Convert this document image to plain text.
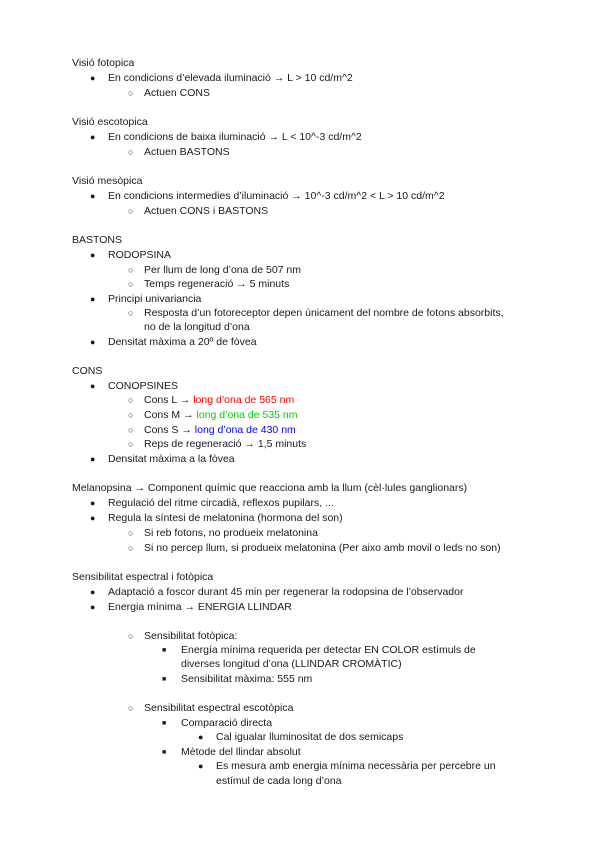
Visió fotopica
● En condicions d’elevada iluminació → L > 10 cd/m^2
○ Actuen CONS
Visió escotopica
● En condicions de baixa iluminació → L < 10^-3 cd/m^2
○ Actuen BASTONS
Visió mesòpica
● En condicions intermedies d’iluminació → 10^-3 cd/m^2 < L > 10 cd/m^2
○ Actuen CONS i BASTONS
BASTONS
● RODOPSINA
○ Per llum de long d’ona de 507 nm
○ Temps regeneració → 5 minuts
● Principi univariancia
○ Resposta d’un fotoreceptor depen únicament del nombre de fotons absorbits,
no de la longitud d’ona
● Densitat màxima a 20º de fòvea
CONS
● CONOPSINES
○ Cons L → long d’ona de 565 nm
○ Cons M → long d’ona de 535 nm
○ Cons S → long d’ona de 430 nm
○ Reps de regeneració → 1,5 minuts
● Densitat màxima a la fòvea
Melanopsina → Component químic que reacciona amb la llum (cèl·lules ganglionars)
● Regulació del ritme circadià, reflexos pupilars, ...
● Regula la síntesi de melatonina (hormona del son)
○ Si reb fotons, no produeix melatonina
○ Si no percep llum, si produeix melatonina (Per aixo amb movil o leds no son)
Sensibilitat espectral i fotòpica
● Adaptació a foscor durant 45 min per regenerar la rodopsina de l’observador
● Energia mínima → ENERGIA LLINDAR
○ Sensibilitat fotòpica:
■ Energía mínima requerida per detectar EN COLOR estímuls de
diverses longitud d’ona (LLINDAR CROMÀTIC)
■ Sensibilitat màxima: 555 nm
○ Sensibilitat espectral escotòpica
■ Comparació directa
● Cal igualar lluminositat de dos semicaps
■ Mètode del llindar absolut
● Es mesura amb energia mínima necessària per percebre un
estímul de cada long d’ona
